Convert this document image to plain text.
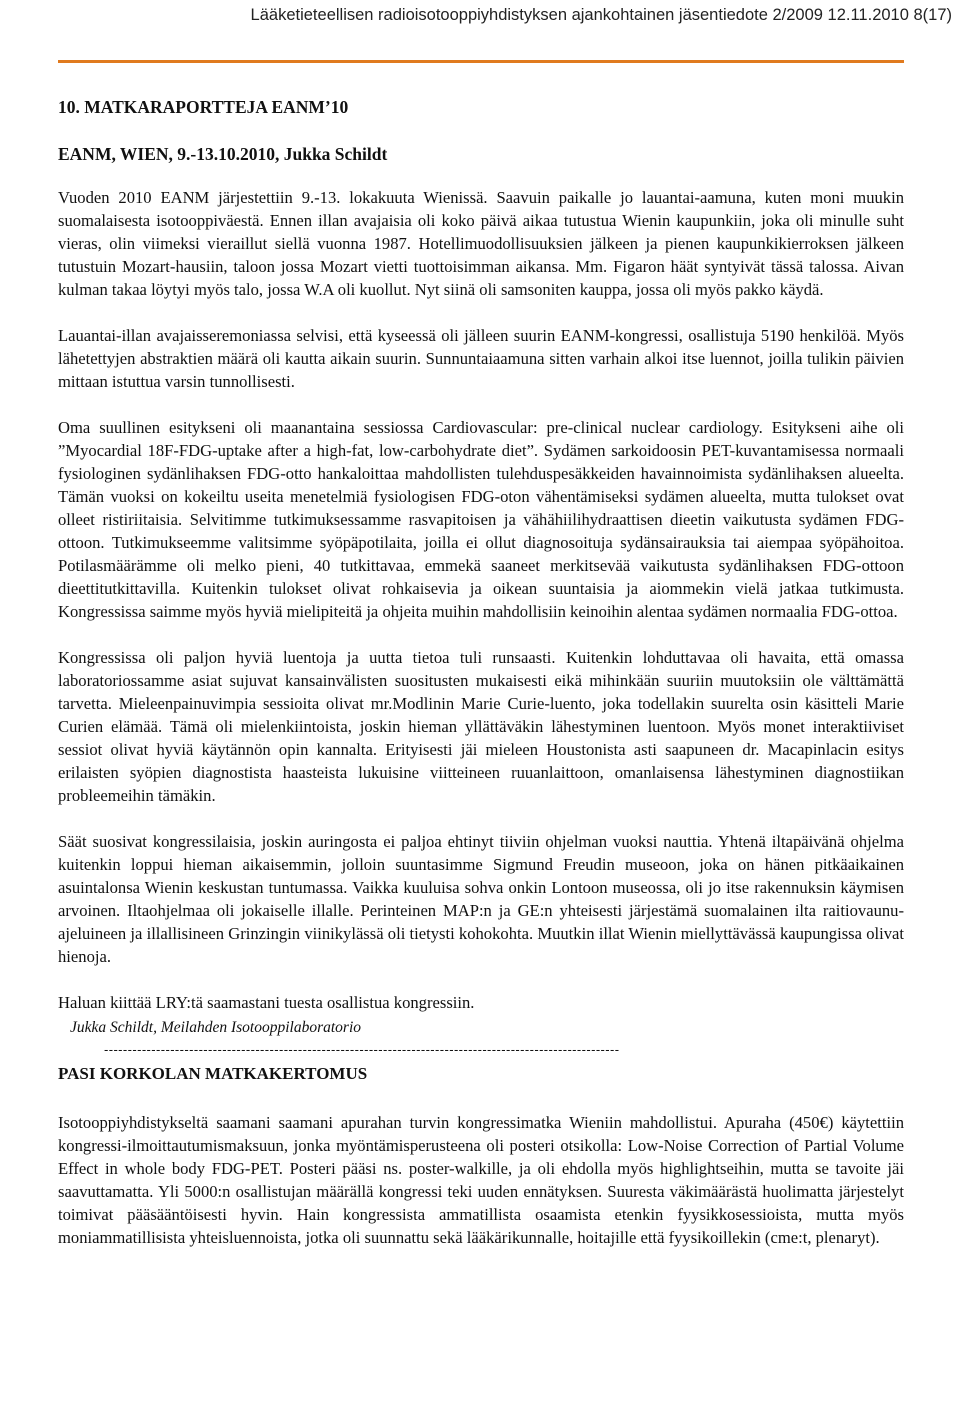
Lääketieteellisen radioisotooppiyhdistyksen ajankohtainen jäsentiedote 2/2009 12.11.2010 8(17)
10. MATKARAPORTTEJA EANM’10
EANM, WIEN, 9.-13.10.2010, Jukka Schildt

Vuoden 2010 EANM järjestettiin 9.-13. lokakuuta Wienissä. Saavuin paikalle jo lauantai-aamuna, kuten moni muukin suomalaisesta isotooppiväestä. Ennen illan avajaisia oli koko päivä aikaa tutustua Wienin kaupunkiin, joka oli minulle suht vieras, olin viimeksi vieraillut siellä vuonna 1987. Hotellimuodollisuuksien jälkeen ja pienen kaupunkikierroksen jälkeen tutustuin Mozart-hausiin, taloon jossa Mozart vietti tuottoisimman aikansa. Mm. Figaron häät syntyivät tässä talossa. Aivan kulman takaa löytyi myös talo, jossa W.A oli kuollut. Nyt siinä oli samsoniten kauppa, jossa oli myös pakko käydä.

Lauantai-illan avajaisseremoniassa selvisi, että kyseessä oli jälleen suurin EANM-kongressi, osallistuja 5190 henkilöä. Myös lähetettyjen abstraktien määrä oli kautta aikain suurin. Sunnuntaiaamuna sitten varhain alkoi itse luennot, joilla tulikin päivien mittaan istuttua varsin tunnollisesti.

Oma suullinen esitykseni oli maanantaina sessiossa Cardiovascular: pre-clinical nuclear cardiology. Esitykseni aihe oli ”Myocardial 18F-FDG-uptake after a high-fat, low-carbohydrate diet”. Sydämen sarkoidoosin PET-kuvantamisessa normaali fysiologinen sydänlihaksen FDG-otto hankaloittaa mahdollisten tulehduspesäkkeiden havainnoimista sydänlihaksen alueelta. Tämän vuoksi on kokeiltu useita menetelmiä fysiologisen FDG-oton vähentämiseksi sydämen alueelta, mutta tulokset ovat olleet ristiriitaisia. Selvitimme tutkimuksessamme rasvapitoisen ja vähähiilihydraattisen dieetin vaikutusta sydämen FDG-ottoon. Tutkimukseemme valitsimme syöpäpotilaita, joilla ei ollut diagnosoituja sydänsairauksia tai aiempaa syöpähoitoa. Potilasmäärämme oli melko pieni, 40 tutkittavaa, emmekä saaneet merkitsevää vaikutusta sydänlihaksen FDG-ottoon dieettitutkittavilla. Kuitenkin tulokset olivat rohkaisevia ja oikean suuntaisia ja aiommekin vielä jatkaa tutkimusta. Kongressissa saimme myös hyviä mielipiteitä ja ohjeita muihin mahdollisiin keinoihin alentaa sydämen normaalia FDG-ottoa.

Kongressissa oli paljon hyviä luentoja ja uutta tietoa tuli runsaasti. Kuitenkin lohduttavaa oli havaita, että omassa laboratoriossamme asiat sujuvat kansainvälisten suositusten mukaisesti eikä mihinkään suuriin muutoksiin ole välttämättä tarvetta. Mieleenpainuvimpia sessioita olivat mr.Modlinin Marie Curie-luento, joka todellakin suurelta osin käsitteli Marie Curien elämää. Tämä oli mielenkiintoista, joskin hieman yllättäväkin lähestyminen luentoon. Myös monet interaktiiviset sessiot olivat hyviä käytännön opin kannalta. Erityisesti jäi mieleen Houstonista asti saapuneen dr. Macapinlacin esitys erilaisten syöpien diagnostista haasteista lukuisine viitteineen ruuanlaittoon, omanlaisensa lähestyminen diagnostiikan probleemeihin tämäkin.

Säät suosivat kongressilaisia, joskin auringosta ei paljoa ehtinyt tiiviin ohjelman vuoksi nauttia. Yhtenä iltapäivänä ohjelma kuitenkin loppui hieman aikaisemmin, jolloin suuntasimme Sigmund Freudin museoon, joka on hänen pitkäaikainen asuintalonsa Wienin keskustan tuntumassa. Vaikka kuuluisa sohva onkin Lontoon museossa, oli jo itse rakennuksin käymisen arvoinen. Iltaohjelmaa oli jokaiselle illalle. Perinteinen MAP:n ja GE:n yhteisesti järjestämä suomalainen ilta raitiovaunu-ajeluineen ja illallisineen Grinzingin viinikylässä oli tietysti kohokohta. Muutkin illat Wienin miellyttävässä kaupungissa olivat hienoja.

Haluan kiittää LRY:tä saamastani tuesta osallistua kongressiin.

Jukka Schildt, Meilahden Isotooppilaboratorio

-------------------------------------------------------------------------------------------------------------
PASI KORKOLAN MATKAKERTOMUS

Isotooppiyhdistykseltä saamani saamani apurahan turvin kongressimatka Wieniin mahdollistui. Apuraha (450€) käytettiin kongressi-ilmoittautumismaksuun, jonka myöntämisperusteena oli posteri otsikolla: Low-Noise Correction of Partial Volume Effect in whole body FDG-PET. Posteri pääsi ns. poster-walkille, ja oli ehdolla myös highlightseihin, mutta se tavoite jäi saavuttamatta. Yli 5000:n osallistujan määrällä kongressi teki uuden ennätyksen. Suuresta väkimäärästä huolimatta järjestelyt toimivat pääsääntöisesti hyvin. Hain kongressista ammatillista osaamista etenkin fyysikkosessioista, mutta myös moniammatillisista yhteisluennoista, jotka oli suunnattu sekä lääkärikunnalle, hoitajille että fyysikoillekin (cme:t, plenaryt).
